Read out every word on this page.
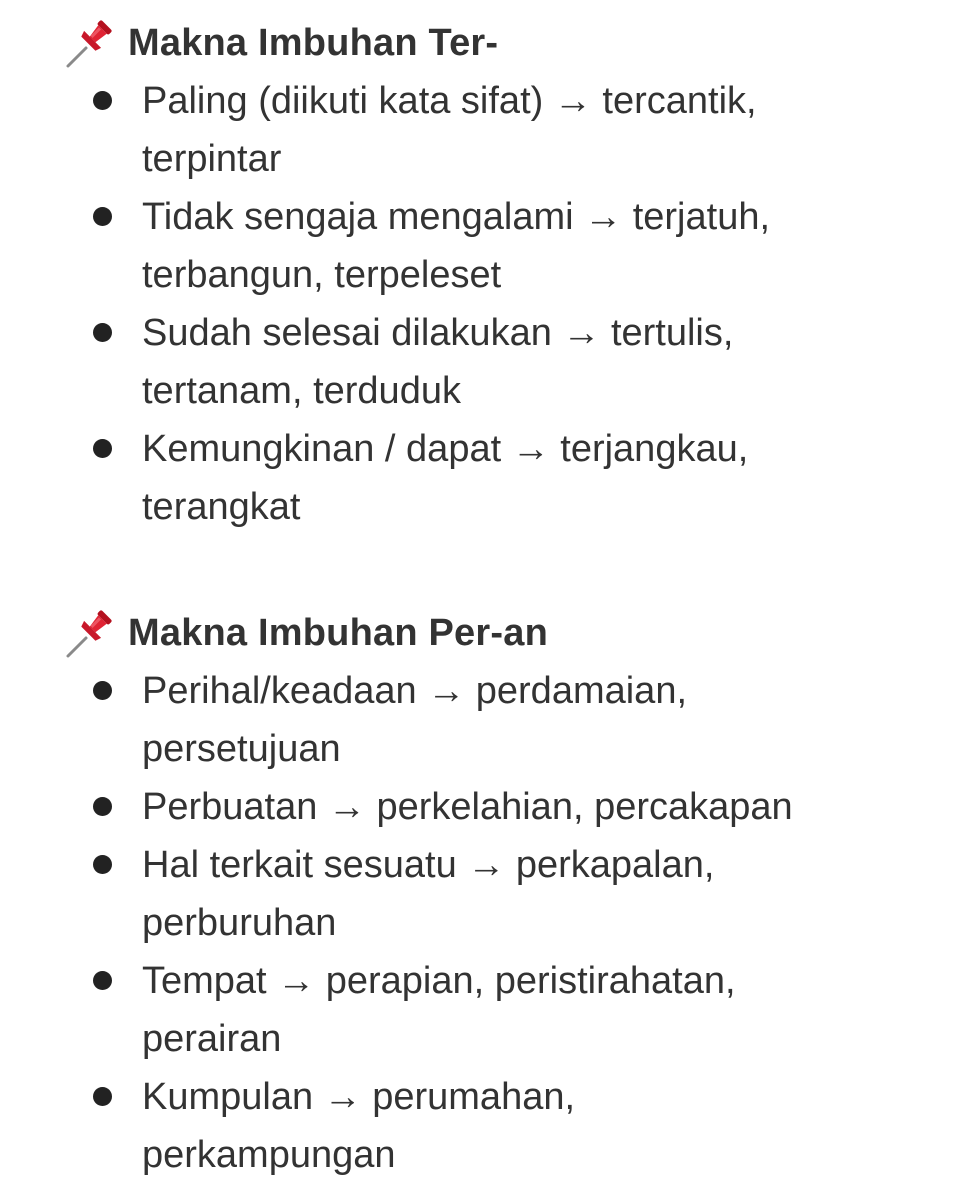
Makna Imbuhan Ter-
Paling (diikuti kata sifat) → tercantik,
terpintar
Tidak sengaja mengalami → terjatuh,
terbangun, terpeleset
Sudah selesai dilakukan → tertulis,
tertanam, terduduk
Kemungkinan / dapat → terjangkau,
terangkat
Makna Imbuhan Per-an
Perihal/keadaan → perdamaian,
persetujuan
Perbuatan → perkelahian, percakapan
Hal terkait sesuatu → perkapalan,
perburuhan
Tempat → perapian, peristirahatan,
perairan
Kumpulan → perumahan,
perkampungan
